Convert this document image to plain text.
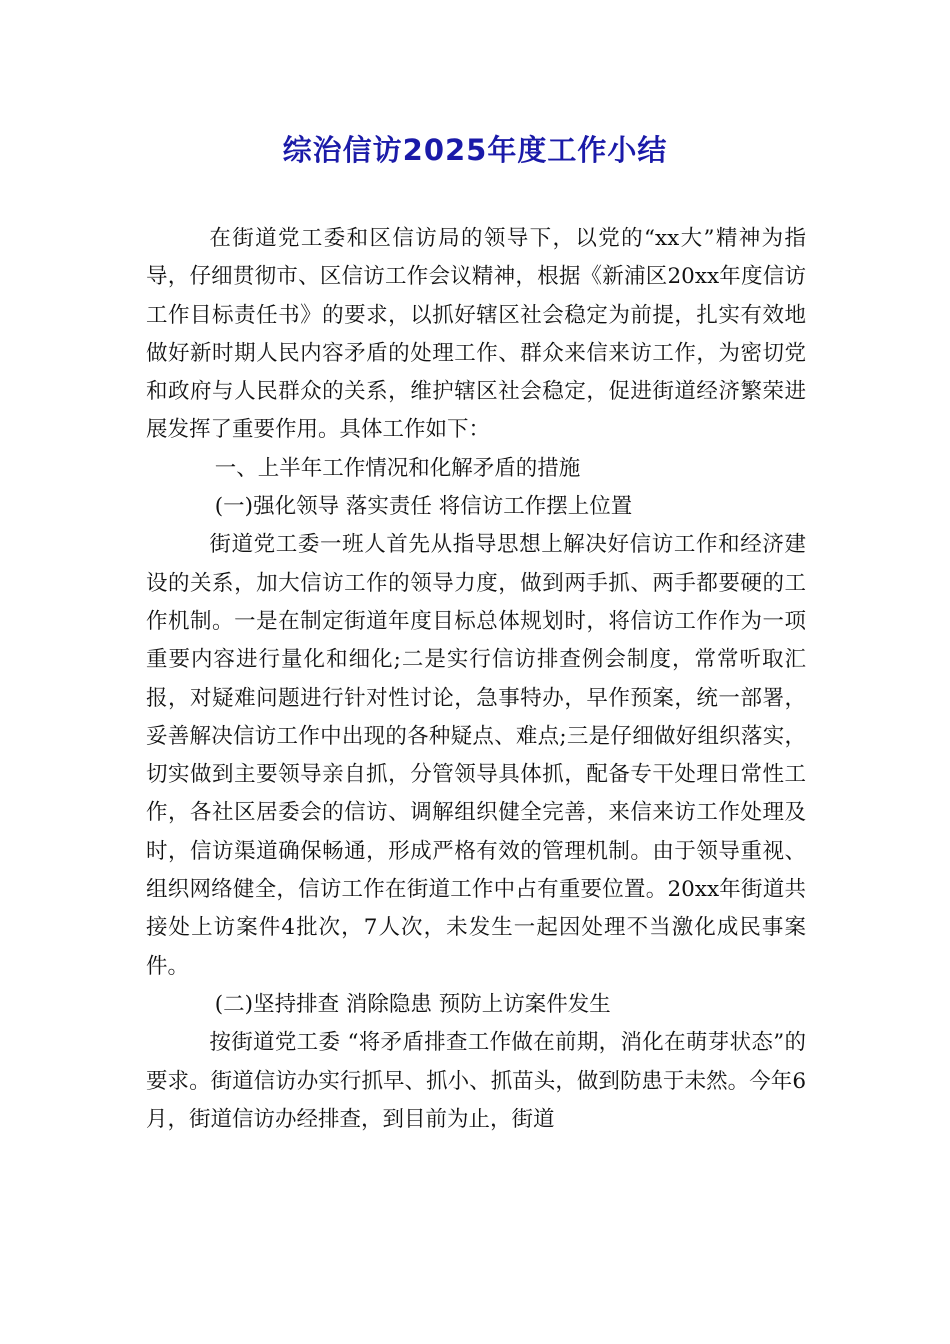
综治信访2025年度工作小结

在街道党工委和区信访局的领导下，以党的“xx大”精神为指导，仔细贯彻市、区信访工作会议精神，根据《新浦区20xx年度信访工作目标责任书》的要求，以抓好辖区社会稳定为前提，扎实有效地做好新时期人民内容矛盾的处理工作、群众来信来访工作，为密切党和政府与人民群众的关系，维护辖区社会稳定，促进街道经济繁荣进展发挥了重要作用。具体工作如下：

一、上半年工作情况和化解矛盾的措施

(一)强化领导 落实责任 将信访工作摆上位置

街道党工委一班人首先从指导思想上解决好信访工作和经济建设的关系，加大信访工作的领导力度，做到两手抓、两手都要硬的工作机制。一是在制定街道年度目标总体规划时，将信访工作作为一项重要内容进行量化和细化;二是实行信访排查例会制度，常常听取汇报，对疑难问题进行针对性讨论，急事特办，早作预案，统一部署，妥善解决信访工作中出现的各种疑点、难点;三是仔细做好组织落实，切实做到主要领导亲自抓，分管领导具体抓，配备专干处理日常性工作，各社区居委会的信访、调解组织健全完善，来信来访工作处理及时，信访渠道确保畅通，形成严格有效的管理机制。由于领导重视、组织网络健全，信访工作在街道工作中占有重要位置。20xx年街道共接处上访案件4批次，7人次，未发生一起因处理不当激化成民事案件。

(二)坚持排查 消除隐患 预防上访案件发生

按街道党工委 “将矛盾排查工作做在前期，消化在萌芽状态”的要求。街道信访办实行抓早、抓小、抓苗头，做到防患于未然。今年6月，街道信访办经排查，到目前为止，街道
